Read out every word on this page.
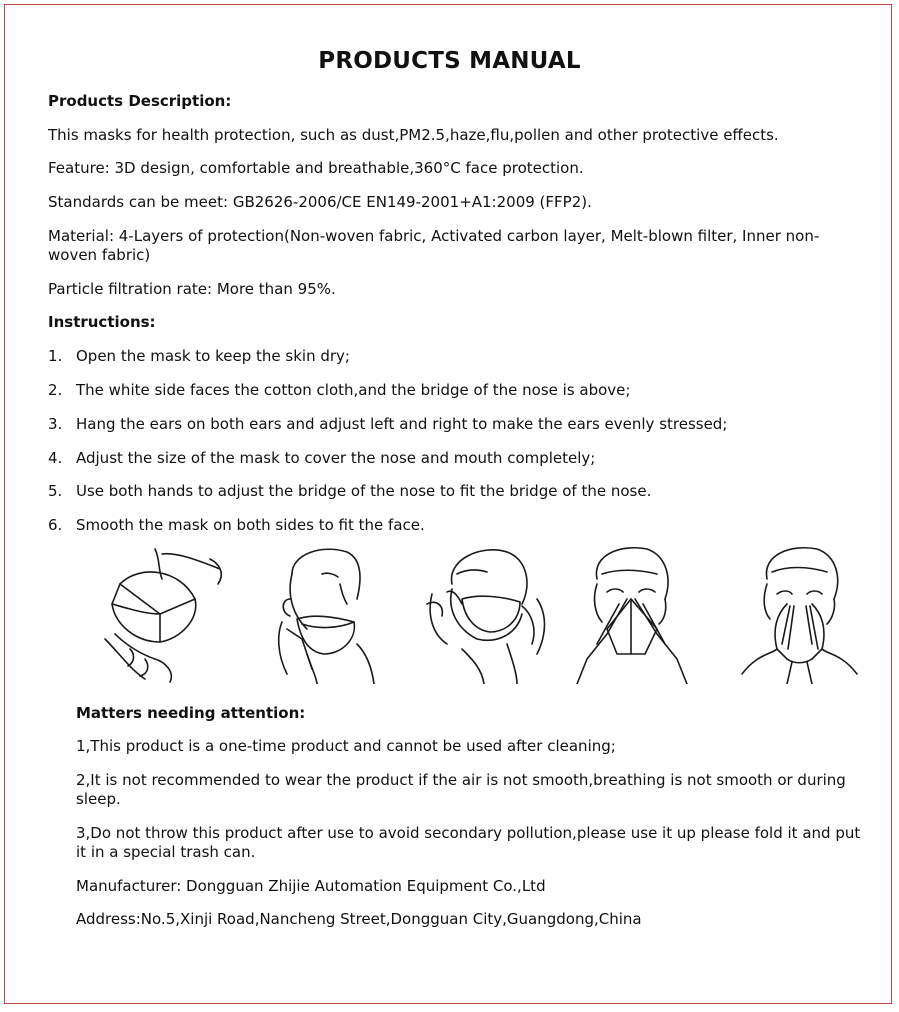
PRODUCTS MANUAL
Products Description:
This masks for health protection, such as dust,PM2.5,haze,flu,pollen and other protective effects.
Feature: 3D design, comfortable and breathable,360°C face protection.
Standards can be meet: GB2626-2006/CE EN149-2001+A1:2009 (FFP2).
Material: 4-Layers of protection(Non-woven fabric, Activated carbon layer, Melt-blown filter, Inner non-woven fabric)
Particle filtration rate: More than 95%.
Instructions:
1. Open the mask to keep the skin dry;
2. The white side faces the cotton cloth,and the bridge of the nose is above;
3. Hang the ears on both ears and adjust left and right to make the ears evenly stressed;
4. Adjust the size of the mask to cover the nose and mouth completely;
5. Use both hands to adjust the bridge of the nose to fit the bridge of the nose.
6. Smooth the mask on both sides to fit the face.
Matters needing attention:
1,This product is a one-time product and cannot be used after cleaning;
2,It is not recommended to wear the product if the air is not smooth,breathing is not smooth or during sleep.
3,Do not throw this product after use to avoid secondary pollution,please use it up please fold it and put it in a special trash can.
Manufacturer: Dongguan Zhijie Automation Equipment Co.,Ltd
Address:No.5,Xinji Road,Nancheng Street,Dongguan City,Guangdong,China
